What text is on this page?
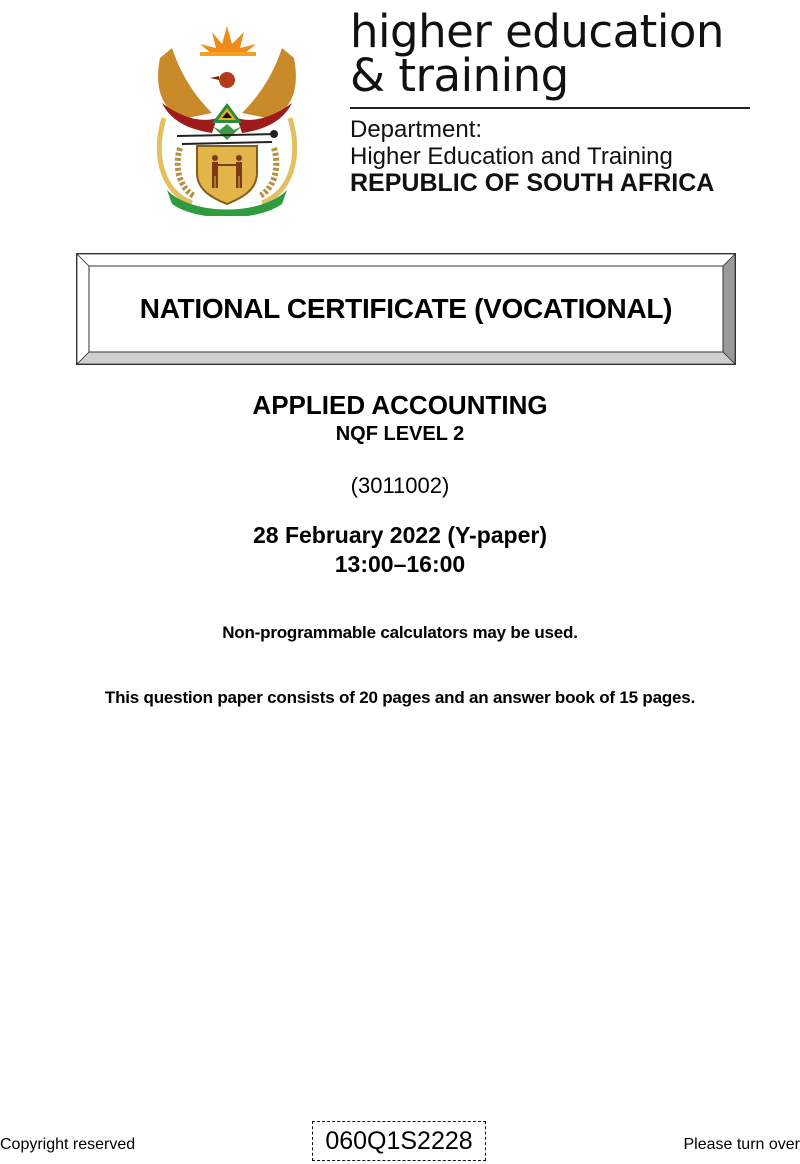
higher education
& training
Department:
Higher Education and Training
REPUBLIC OF SOUTH AFRICA
NATIONAL CERTIFICATE (VOCATIONAL)
APPLIED ACCOUNTING
NQF LEVEL 2
(3011002)
28 February 2022 (Y-paper)
13:00–16:00
Non-programmable calculators may be used.
This question paper consists of 20 pages and an answer book of 15 pages.
Copyright reserved	060Q1S2228	Please turn over
